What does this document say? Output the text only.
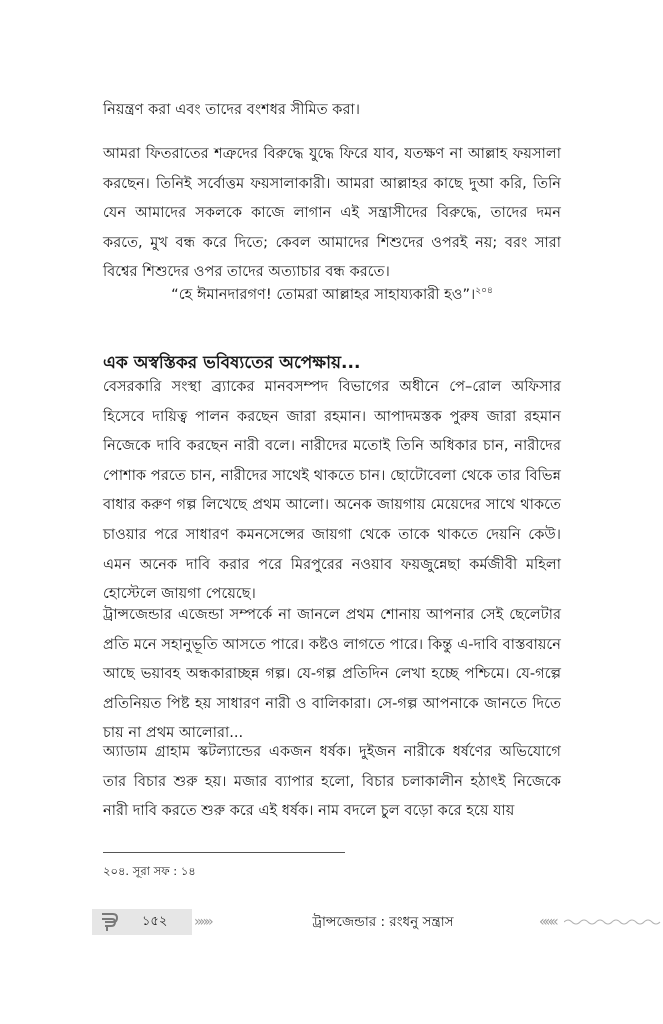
নিয়ন্ত্রণ করা এবং তাদের বংশধর সীমিত করা।
আমরা ফিতরাতের শত্রুদের বিরুদ্ধে যুদ্ধে ফিরে যাব, যতক্ষণ না আল্লাহ ফয়সালা করছেন। তিনিই সর্বোত্তম ফয়সালাকারী। আমরা আল্লাহর কাছে দুআ করি, তিনি যেন আমাদের সকলকে কাজে লাগান এই সন্ত্রাসীদের বিরুদ্ধে, তাদের দমন করতে, মুখ বন্ধ করে দিতে; কেবল আমাদের শিশুদের ওপরই নয়; বরং সারা বিশ্বের শিশুদের ওপর তাদের অত্যাচার বন্ধ করতে।
“হে ঈমানদারগণ! তোমরা আল্লাহর সাহায্যকারী হও”।$^{২০৪}$
এক অস্বস্তিকর ভবিষ্যতের অপেক্ষায়...
বেসরকারি সংস্থা ব্র্যাকের মানবসম্পদ বিভাগের অধীনে পে–রোল অফিসার হিসেবে দায়িত্ব পালন করছেন জারা রহমান। আপাদমস্তক পুরুষ জারা রহমান নিজেকে দাবি করছেন নারী বলে। নারীদের মতোই তিনি অধিকার চান, নারীদের পোশাক পরতে চান, নারীদের সাথেই থাকতে চান। ছোটোবেলা থেকে তার বিভিন্ন বাধার করুণ গল্প লিখেছে প্রথম আলো। অনেক জায়গায় মেয়েদের সাথে থাকতে চাওয়ার পরে সাধারণ কমনসেন্সের জায়গা থেকে তাকে থাকতে দেয়নি কেউ। এমন অনেক দাবি করার পরে মিরপুরের নওয়াব ফয়জুন্নেছা কর্মজীবী মহিলা হোস্টেলে জায়গা পেয়েছে।
ট্রান্সজেন্ডার এজেন্ডা সম্পর্কে না জানলে প্রথম শোনায় আপনার সেই ছেলেটার প্রতি মনে সহানুভূতি আসতে পারে। কষ্টও লাগতে পারে। কিন্তু এ-দাবি বাস্তবায়নে আছে ভয়াবহ অন্ধকারাচ্ছন্ন গল্প। যে-গল্প প্রতিদিন লেখা হচ্ছে পশ্চিমে। যে-গল্পে প্রতিনিয়ত পিষ্ট হয় সাধারণ নারী ও বালিকারা। সে-গল্প আপনাকে জানতে দিতে চায় না প্রথম আলোরা...
অ্যাডাম গ্রাহাম স্কটল্যান্ডের একজন ধর্ষক। দুইজন নারীকে ধর্ষণের অভিযোগে তার বিচার শুরু হয়। মজার ব্যাপার হলো, বিচার চলাকালীন হঠাৎই নিজেকে নারী দাবি করতে শুরু করে এই ধর্ষক। নাম বদলে চুল বড়ো করে হয়ে যায়
২০৪. সূরা সফ : ১৪
১৫২ »»»	ট্রান্সজেন্ডার : রংধনু সন্ত্রাস	«««
